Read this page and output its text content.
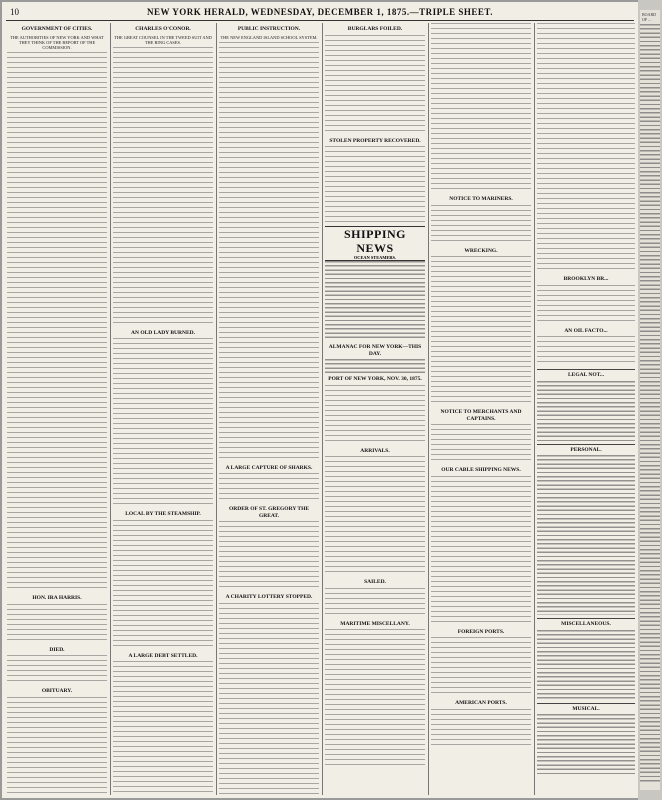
BOARD OF ...
10	NEW YORK HERALD, WEDNESDAY, DECEMBER 1, 1875.—TRIPLE SHEET.
GOVERNMENT OF CITIES.
THE AUTHORITIES OF NEW YORK AND WHAT THEY THINK OF THE REPORT OF THE COMMISSION.
HON. IRA HARRIS.
DIED.
OBITUARY.
CHARLES O'CONOR.
THE GREAT COUNSEL IN THE TWEED SUIT AND THE RING CASES.
AN OLD LADY BURNED.
LOCAL BY THE STEAMSHIP.
A LARGE DEBT SETTLED.
PUBLIC INSTRUCTION.
THE NEW ENGLAND ISLAND SCHOOL SYSTEM.
A LARGE CAPTURE OF SHARKS.
ORDER OF ST. GREGORY THE GREAT.
A CHARITY LOTTERY STOPPED.
BURGLARS FOILED.
STOLEN PROPERTY RECOVERED.
SHIPPING NEWS
OCEAN STEAMERS.
ALMANAC FOR NEW YORK—THIS DAY.
PORT OF NEW YORK, NOV. 30, 1875.
ARRIVALS.
SAILED.
MARITIME MISCELLANY.
NOTICE TO MARINERS.
WRECKING.
NOTICE TO MERCHANTS AND CAPTAINS.
OUR CABLE SHIPPING NEWS.
FOREIGN PORTS.
AMERICAN PORTS.
BROOKLYN BR...
AN OIL FACTO...
LEGAL NOT...
PERSONAL.
MISCELLANEOUS.
MUSICAL.
